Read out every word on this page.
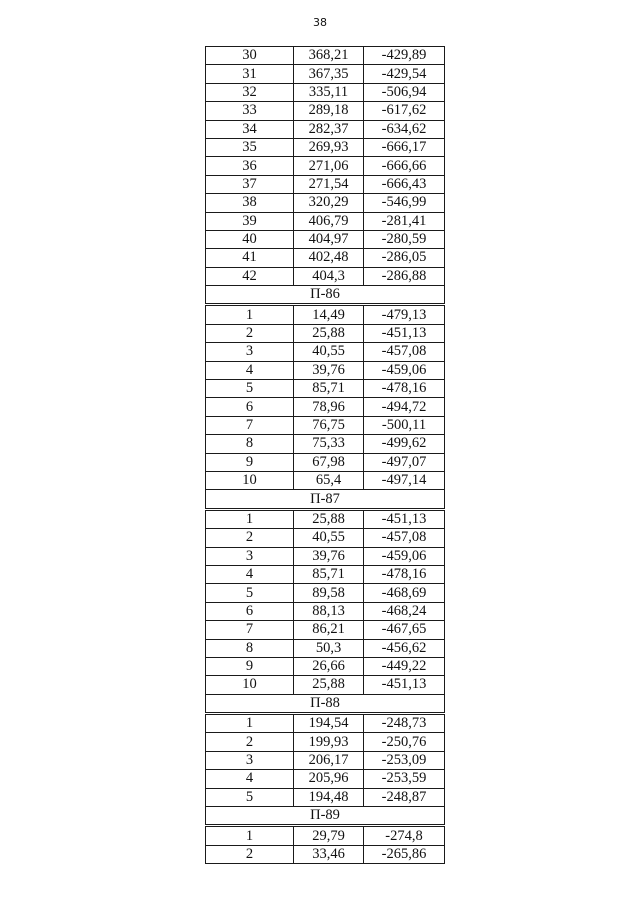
38
30	368,21	-429,89
31	367,35	-429,54
32	335,11	-506,94
33	289,18	-617,62
34	282,37	-634,62
35	269,93	-666,17
36	271,06	-666,66
37	271,54	-666,43
38	320,29	-546,99
39	406,79	-281,41
40	404,97	-280,59
41	402,48	-286,05
42	404,3	-286,88
П-86		
1	14,49	-479,13
2	25,88	-451,13
3	40,55	-457,08
4	39,76	-459,06
5	85,71	-478,16
6	78,96	-494,72
7	76,75	-500,11
8	75,33	-499,62
9	67,98	-497,07
10	65,4	-497,14
П-87		
1	25,88	-451,13
2	40,55	-457,08
3	39,76	-459,06
4	85,71	-478,16
5	89,58	-468,69
6	88,13	-468,24
7	86,21	-467,65
8	50,3	-456,62
9	26,66	-449,22
10	25,88	-451,13
П-88		
1	194,54	-248,73
2	199,93	-250,76
3	206,17	-253,09
4	205,96	-253,59
5	194,48	-248,87
П-89		
1	29,79	-274,8
2	33,46	-265,86
